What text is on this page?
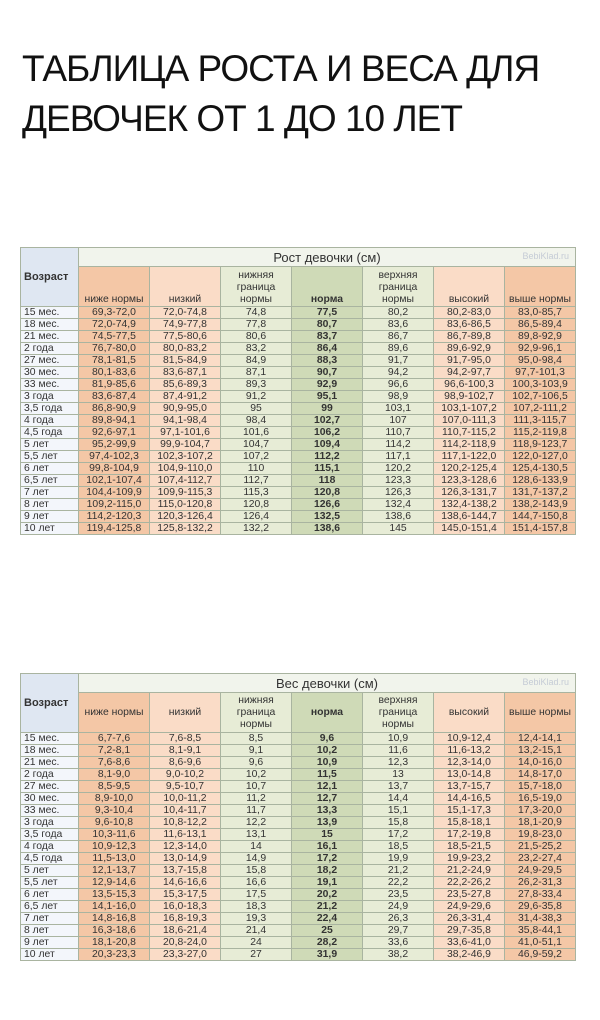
ТАБЛИЦА РОСТА И ВЕСА ДЛЯ ДЕВОЧЕК ОТ 1 ДО 10 ЛЕТ
Возраст	Рост девочки (см) BebiKlad.ru						

	ниже нормы	низкий	нижняя граница нормы	норма	верхняя граница нормы	высокий	выше нормы
15 мес.	69,3-72,0	72,0-74,8	74,8	77,5	80,2	80,2-83,0	83,0-85,7
18 мес.	72,0-74,9	74,9-77,8	77,8	80,7	83,6	83,6-86,5	86,5-89,4
21 мес.	74,5-77,5	77,5-80,6	80,6	83,7	86,7	86,7-89,8	89,8-92,9
2 года	76,7-80,0	80,0-83,2	83,2	86,4	89,6	89,6-92,9	92,9-96,1
27 мес.	78,1-81,5	81,5-84,9	84,9	88,3	91,7	91,7-95,0	95,0-98,4
30 мес.	80,1-83,6	83,6-87,1	87,1	90,7	94,2	94,2-97,7	97,7-101,3
33 мес.	81,9-85,6	85,6-89,3	89,3	92,9	96,6	96,6-100,3	100,3-103,9
3 года	83,6-87,4	87,4-91,2	91,2	95,1	98,9	98,9-102,7	102,7-106,5
3,5 года	86,8-90,9	90,9-95,0	95	99	103,1	103,1-107,2	107,2-111,2
4 года	89,8-94,1	94,1-98,4	98,4	102,7	107	107,0-111,3	111,3-115,7
4,5 года	92,6-97,1	97,1-101,6	101,6	106,2	110,7	110,7-115,2	115,2-119,8
5 лет	95,2-99,9	99,9-104,7	104,7	109,4	114,2	114,2-118,9	118,9-123,7
5,5 лет	97,4-102,3	102,3-107,2	107,2	112,2	117,1	117,1-122,0	122,0-127,0
6 лет	99,8-104,9	104,9-110,0	110	115,1	120,2	120,2-125,4	125,4-130,5
6,5 лет	102,1-107,4	107,4-112,7	112,7	118	123,3	123,3-128,6	128,6-133,9
7 лет	104,4-109,9	109,9-115,3	115,3	120,8	126,3	126,3-131,7	131,7-137,2
8 лет	109,2-115,0	115,0-120,8	120,8	126,6	132,4	132,4-138,2	138,2-143,9
9 лет	114,2-120,3	120,3-126,4	126,4	132,5	138,6	138,6-144,7	144,7-150,8
10 лет	119,4-125,8	125,8-132,2	132,2	138,6	145	145,0-151,4	151,4-157,8
Возраст	Вес девочки (см) BebiKlad.ru						

	ниже нормы	низкий	нижняя граница нормы	норма	верхняя граница нормы	высокий	выше нормы
15 мес.	6,7-7,6	7,6-8,5	8,5	9,6	10,9	10,9-12,4	12,4-14,1
18 мес.	7,2-8,1	8,1-9,1	9,1	10,2	11,6	11,6-13,2	13,2-15,1
21 мес.	7,6-8,6	8,6-9,6	9,6	10,9	12,3	12,3-14,0	14,0-16,0
2 года	8,1-9,0	9,0-10,2	10,2	11,5	13	13,0-14,8	14,8-17,0
27 мес.	8,5-9,5	9,5-10,7	10,7	12,1	13,7	13,7-15,7	15,7-18,0
30 мес.	8,9-10,0	10,0-11,2	11,2	12,7	14,4	14,4-16,5	16,5-19,0
33 мес.	9,3-10,4	10,4-11,7	11,7	13,3	15,1	15,1-17,3	17,3-20,0
3 года	9,6-10,8	10,8-12,2	12,2	13,9	15,8	15,8-18,1	18,1-20,9
3,5 года	10,3-11,6	11,6-13,1	13,1	15	17,2	17,2-19,8	19,8-23,0
4 года	10,9-12,3	12,3-14,0	14	16,1	18,5	18,5-21,5	21,5-25,2
4,5 года	11,5-13,0	13,0-14,9	14,9	17,2	19,9	19,9-23,2	23,2-27,4
5 лет	12,1-13,7	13,7-15,8	15,8	18,2	21,2	21,2-24,9	24,9-29,5
5,5 лет	12,9-14,6	14,6-16,6	16,6	19,1	22,2	22,2-26,2	26,2-31,3
6 лет	13,5-15,3	15,3-17,5	17,5	20,2	23,5	23,5-27,8	27,8-33,4
6,5 лет	14,1-16,0	16,0-18,3	18,3	21,2	24,9	24,9-29,6	29,6-35,8
7 лет	14,8-16,8	16,8-19,3	19,3	22,4	26,3	26,3-31,4	31,4-38,3
8 лет	16,3-18,6	18,6-21,4	21,4	25	29,7	29,7-35,8	35,8-44,1
9 лет	18,1-20,8	20,8-24,0	24	28,2	33,6	33,6-41,0	41,0-51,1
10 лет	20,3-23,3	23,3-27,0	27	31,9	38,2	38,2-46,9	46,9-59,2
